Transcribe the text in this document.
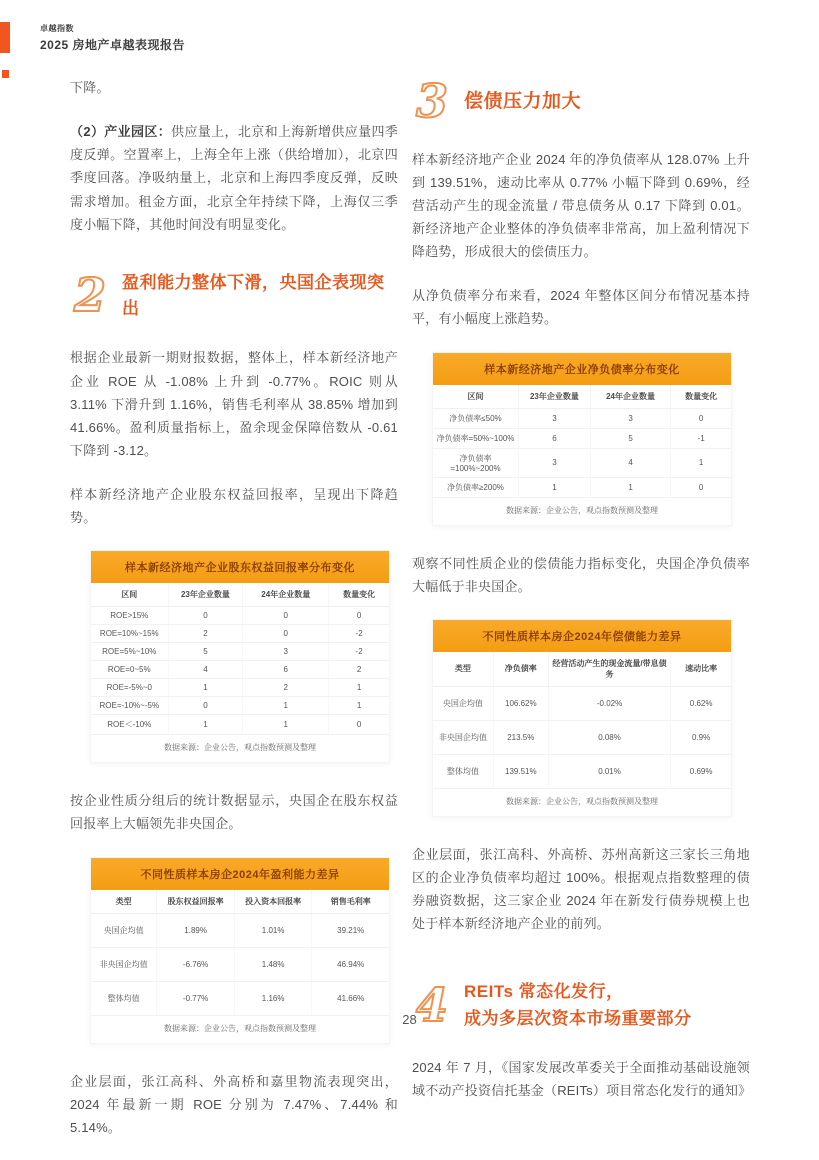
卓越指数
2025 房地产卓越表现报告

下降。

（2）产业园区：供应量上，北京和上海新增供应量四季度反弹。空置率上，上海全年上涨（供给增加），北京四季度回落。净吸纳量上，北京和上海四季度反弹，反映需求增加。租金方面，北京全年持续下降，上海仅三季度小幅下降，其他时间没有明显变化。

2 盈利能力整体下滑，央国企表现突出

根据企业最新一期财报数据，整体上，样本新经济地产企业 ROE 从 -1.08% 上升到 -0.77%。ROIC 则从 3.11% 下滑升到 1.16%，销售毛利率从 38.85% 增加到 41.66%。盈利质量指标上，盈余现金保障倍数从 -0.61 下降到 -3.12。

样本新经济地产企业股东权益回报率，呈现出下降趋势。

样本新经济地产企业股东权益回报率分布变化
区间	23年企业数量	24年企业数量	数量变化
ROE>15%	0	0	0
ROE=10%~15%	2	0	-2
ROE=5%~10%	5	3	-2
ROE=0~5%	4	6	2
ROE=-5%~0	1	2	1
ROE=-10%~-5%	0	1	1
ROE＜-10%	1	1	0
数据来源：企业公告，观点指数预测及整理

按企业性质分组后的统计数据显示，央国企在股东权益回报率上大幅领先非央国企。

不同性质样本房企2024年盈利能力差异
类型	股东权益回报率	投入资本回报率	销售毛利率
央国企均值	1.89%	1.01%	39.21%
非央国企均值	-6.76%	1.48%	46.94%
整体均值	-0.77%	1.16%	41.66%
数据来源：企业公告，观点指数预测及整理

企业层面，张江高科、外高桥和嘉里物流表现突出，2024 年最新一期 ROE 分别为 7.47%、7.44% 和 5.14%。

3 偿债压力加大

样本新经济地产企业 2024 年的净负债率从 128.07% 上升到 139.51%，速动比率从 0.77% 小幅下降到 0.69%，经营活动产生的现金流量 / 带息债务从 0.17 下降到 0.01。新经济地产企业整体的净负债率非常高，加上盈利情况下降趋势，形成很大的偿债压力。

从净负债率分布来看，2024 年整体区间分布情况基本持平，有小幅度上涨趋势。

样本新经济地产企业净负债率分布变化
区间	23年企业数量	24年企业数量	数量变化
净负债率≤50%	3	3	0
净负债率=50%~100%	6	5	-1
净负债率=100%~200%	3	4	1
净负债率≥200%	1	1	0
数据来源：企业公告，观点指数预测及整理

观察不同性质企业的偿债能力指标变化，央国企净负债率大幅低于非央国企。

不同性质样本房企2024年偿债能力差异
类型	净负债率	经营活动产生的现金流量/带息债务	速动比率
央国企均值	106.62%	-0.02%	0.62%
非央国企均值	213.5%	0.08%	0.9%
整体均值	139.51%	0.01%	0.69%
数据来源：企业公告，观点指数预测及整理

企业层面，张江高科、外高桥、苏州高新这三家长三角地区的企业净负债率均超过 100%。根据观点指数整理的债券融资数据，这三家企业 2024 年在新发行债券规模上也处于样本新经济地产企业的前列。

4 REITs 常态化发行，
成为多层次资本市场重要部分

2024 年 7 月，《国家发展改革委关于全面推动基础设施领域不动产投资信托基金（REITs）项目常态化发行的通知》

28
